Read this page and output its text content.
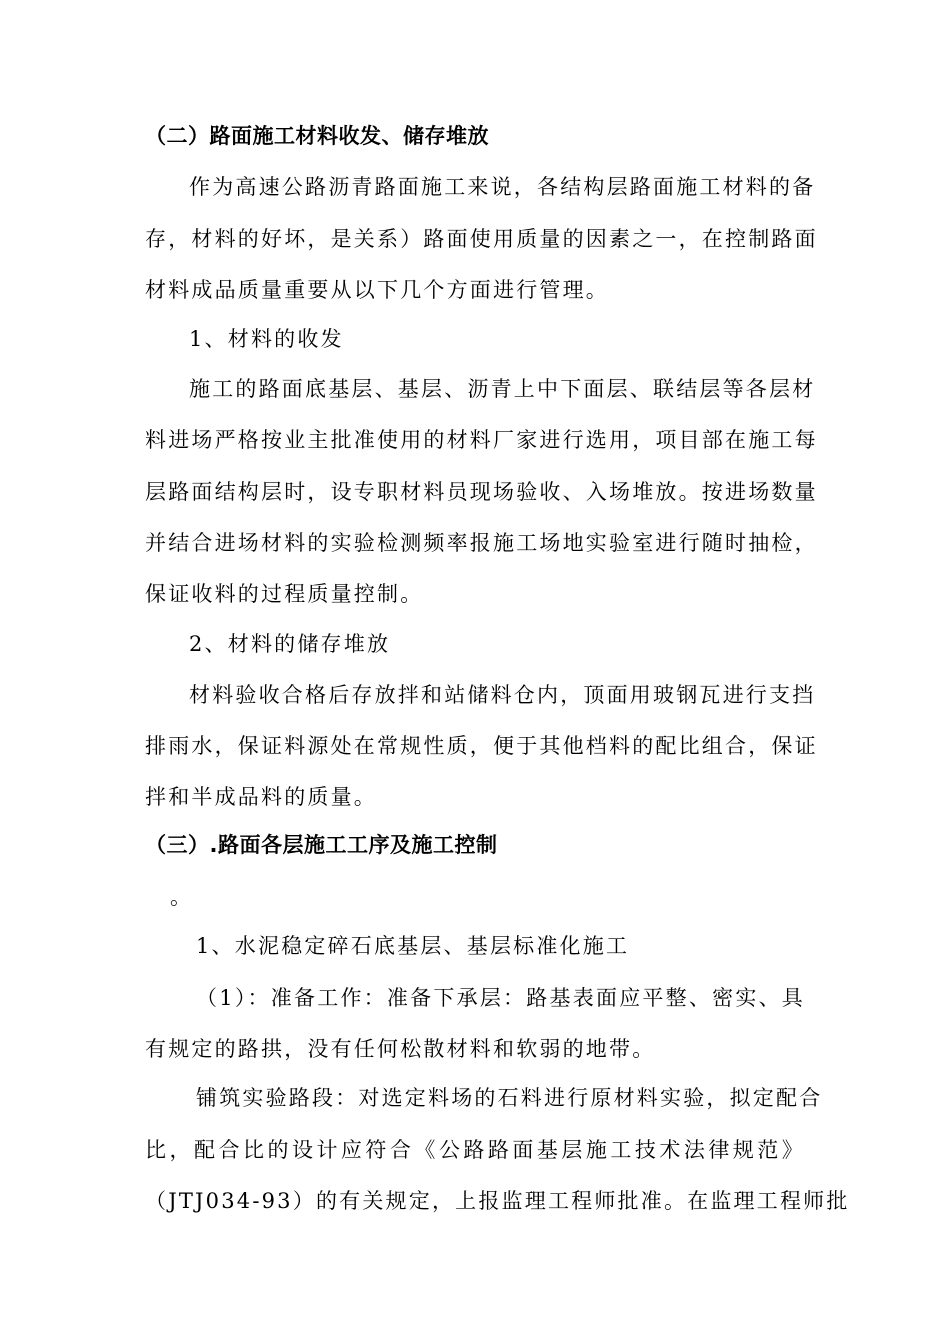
（二）路面施工材料收发、储存堆放
作为高速公路沥青路面施工来说，各结构层路面施工材料的备
存，材料的好坏，是关系）路面使用质量的因素之一，在控制路面
材料成品质量重要从以下几个方面进行管理。
1、材料的收发
施工的路面底基层、基层、沥青上中下面层、联结层等各层材
料进场严格按业主批准使用的材料厂家进行选用，项目部在施工每
层路面结构层时，设专职材料员现场验收、入场堆放。按进场数量
并结合进场材料的实验检测频率报施工场地实验室进行随时抽检，
保证收料的过程质量控制。
2、材料的储存堆放
材料验收合格后存放拌和站储料仓内，顶面用玻钢瓦进行支挡
排雨水，保证料源处在常规性质，便于其他档料的配比组合，保证
拌和半成品料的质量。
（三）.路面各层施工工序及施工控制
。
1、水泥稳定碎石底基层、基层标准化施工
（1）：准备工作：准备下承层：路基表面应平整、密实、具
有规定的路拱，没有任何松散材料和软弱的地带。
铺筑实验路段：对选定料场的石料进行原材料实验，拟定配合
比，配合比的设计应符合《公路路面基层施工技术法律规范》
（JTJ034-93）的有关规定，上报监理工程师批准。在监理工程师批
